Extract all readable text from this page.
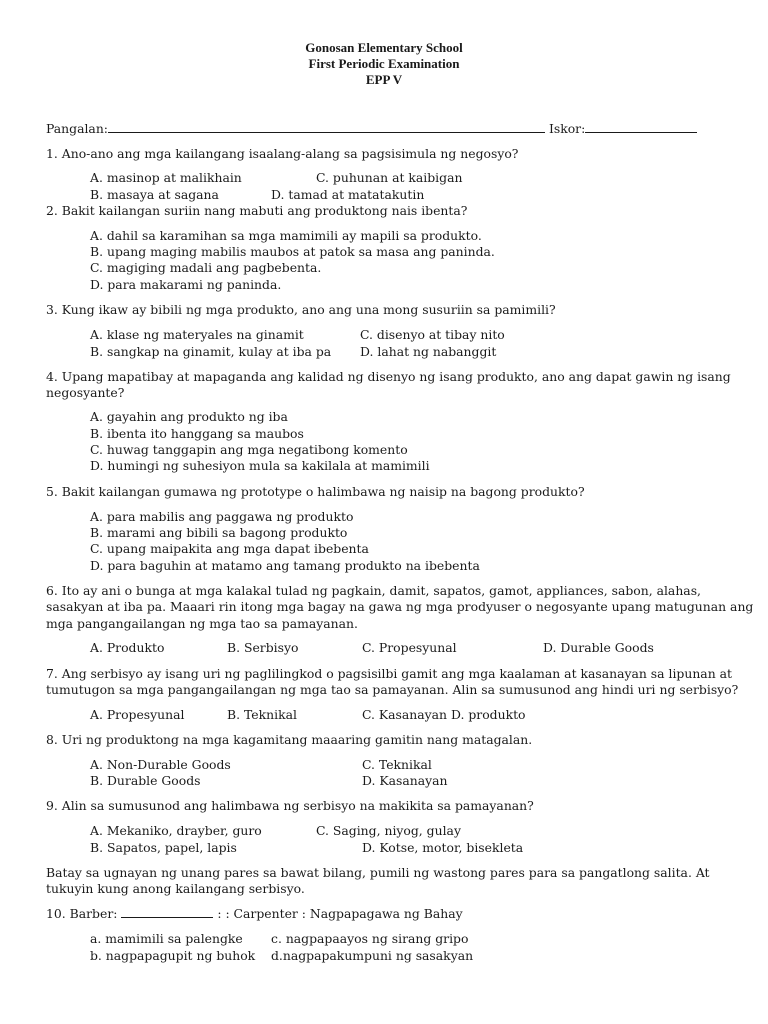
Gonosan Elementary School
First Periodic Examination
EPP V
Pangalan:	Iskor:
1. Ano-ano ang mga kailangang isaalang-alang sa pagsisimula ng negosyo?
A. masinop at malikhain	C. puhunan at kaibigan
B. masaya at sagana	D. tamad at matatakutin
2. Bakit kailangan suriin nang mabuti ang produktong nais ibenta?
A. dahil sa karamihan sa mga mamimili ay mapili sa produkto.
B. upang maging mabilis maubos at patok sa masa ang paninda.
C. magiging madali ang pagbebenta.
D. para makarami ng paninda.
3. Kung ikaw ay bibili ng mga produkto, ano ang una mong susuriin sa pamimili?
A. klase ng materyales na ginamit	C. disenyo at tibay nito
B. sangkap na ginamit, kulay at iba pa D. lahat ng nabanggit
4. Upang mapatibay at mapaganda ang kalidad ng disenyo ng isang produkto, ano ang dapat gawin ng isang
negosyante?
A. gayahin ang produkto ng iba
B. ibenta ito hanggang sa maubos
C. huwag tanggapin ang mga negatibong komento
D. humingi ng suhesiyon mula sa kakilala at mamimili
5. Bakit kailangan gumawa ng prototype o halimbawa ng naisip na bagong produkto?
A. para mabilis ang paggawa ng produkto
B. marami ang bibili sa bagong produkto
C. upang maipakita ang mga dapat ibebenta
D. para baguhin at matamo ang tamang produkto na ibebenta
6. Ito ay ani o bunga at mga kalakal tulad ng pagkain, damit, sapatos, gamot, appliances, sabon, alahas,
sasakyan at iba pa. Maaari rin itong mga bagay na gawa ng mga prodyuser o negosyante upang matugunan ang
mga pangangailangan ng mga tao sa pamayanan.
A. Produkto	B. Serbisyo	C. Propesyunal	D. Durable Goods
7. Ang serbisyo ay isang uri ng paglilingkod o pagsisilbi gamit ang mga kaalaman at kasanayan sa lipunan at
tumutugon sa mga pangangailangan ng mga tao sa pamayanan. Alin sa sumusunod ang hindi uri ng serbisyo?
A. Propesyunal	B. Teknikal	C. Kasanayan D. produkto
8. Uri ng produktong na mga kagamitang maaaring gamitin nang matagalan.
A. Non-Durable Goods	C. Teknikal
B. Durable Goods	D. Kasanayan
9. Alin sa sumusunod ang halimbawa ng serbisyo na makikita sa pamayanan?
A. Mekaniko, drayber, guro	C. Saging, niyog, gulay
B. Sapatos, papel, lapis	D. Kotse, motor, bisekleta
Batay sa ugnayan ng unang pares sa bawat bilang, pumili ng wastong pares para sa pangatlong salita. At
tukuyin kung anong kailangang serbisyo.
10. Barber:	: : Carpenter : Nagpapagawa ng Bahay
a. mamimili sa palengke c. nagpapaayos ng sirang gripo
b. nagpapagupit ng buhok d.nagpapakumpuni ng sasakyan
